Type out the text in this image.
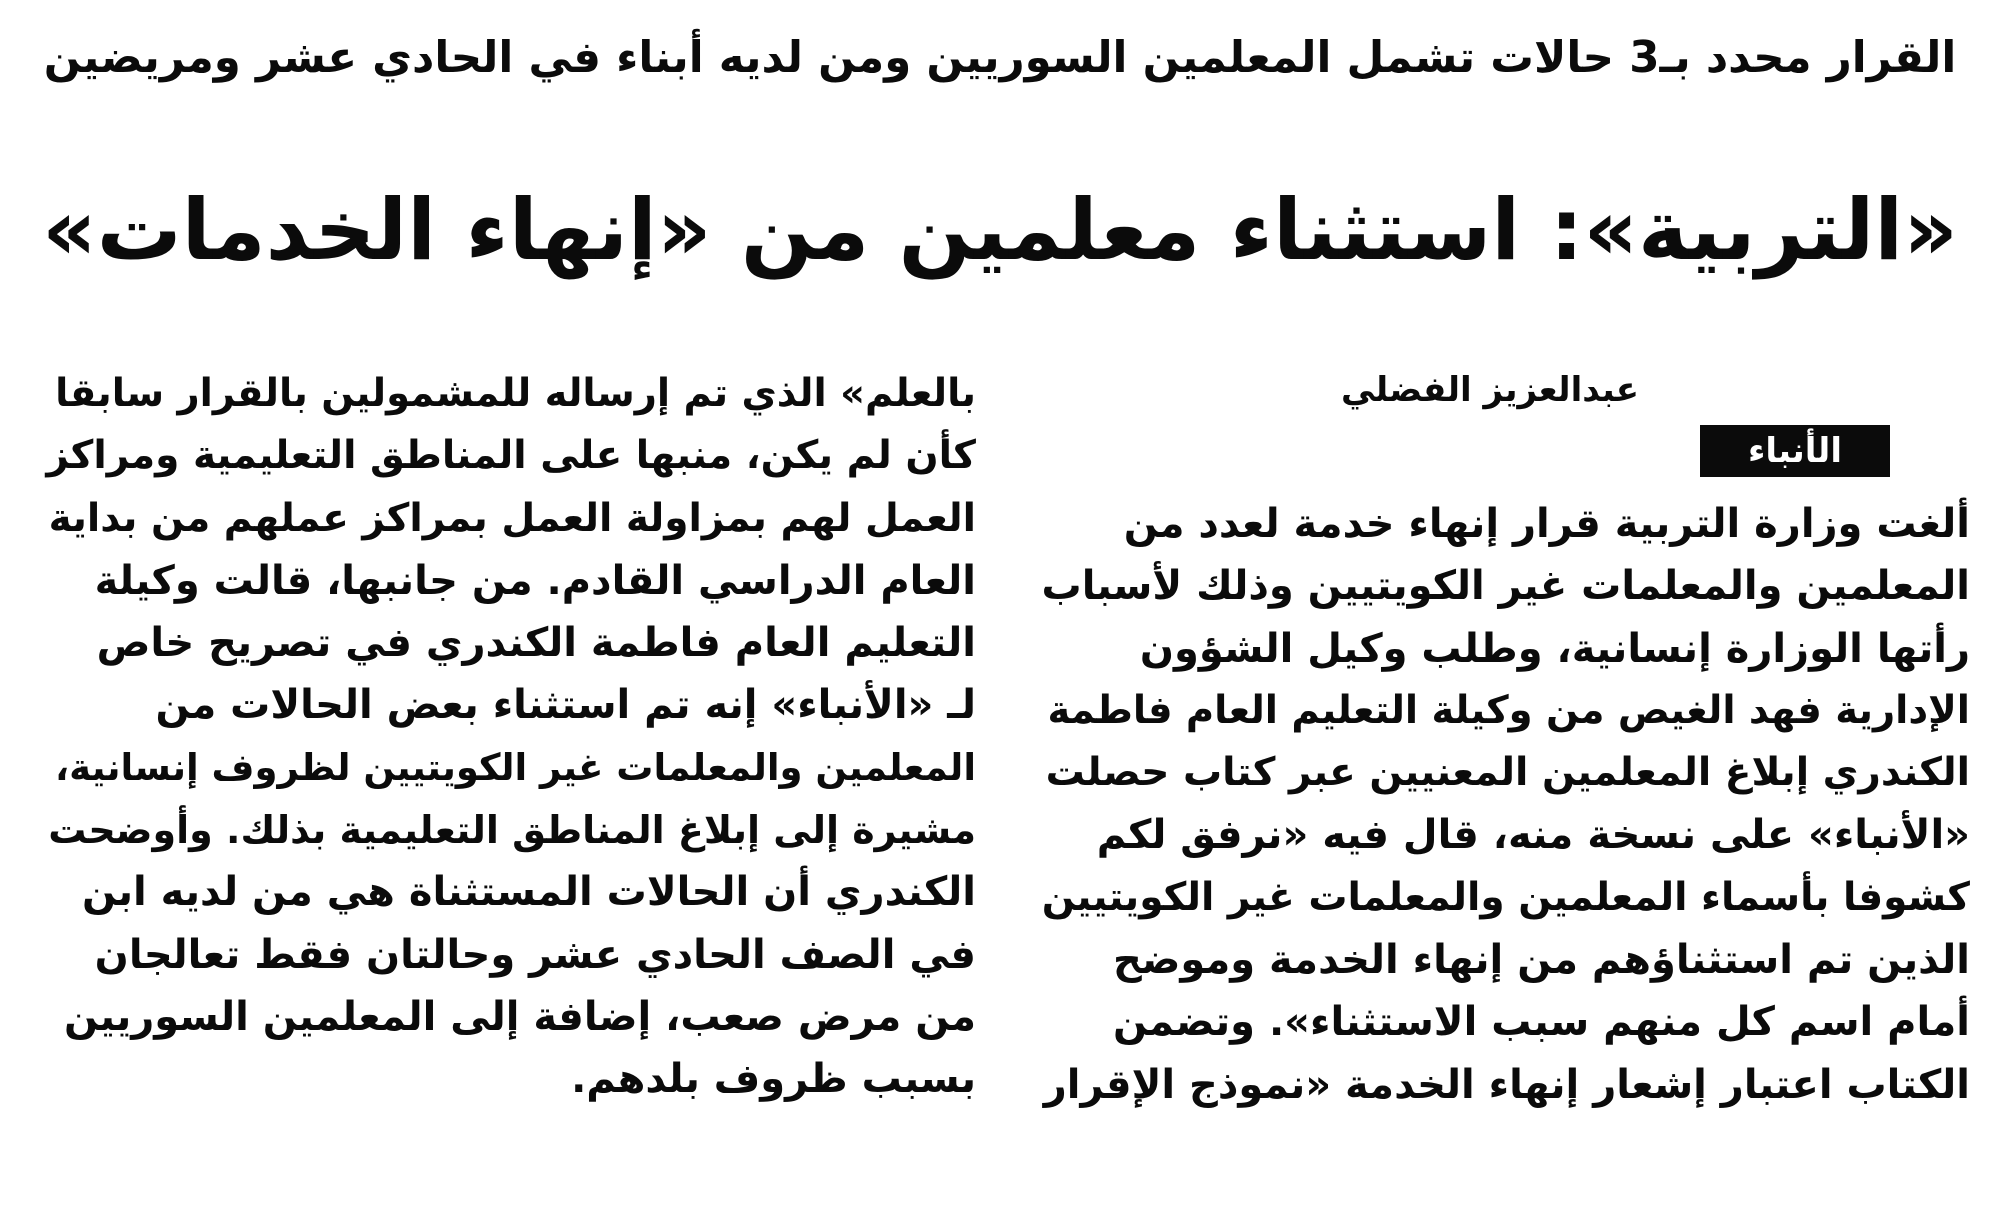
القرار محدد بـ3 حالات تشمل المعلمين السوريين ومن لديه أبناء في الحادي عشر ومريضين
«التربية»: استثناء معلمين من «إنهاء الخدمات»
عبدالعزيز الفضلي
الأنباء
ألغت وزارة التربية قرار إنهاء خدمة لعدد من
المعلمين والمعلمات غير الكويتيين وذلك لأسباب
رأتها الوزارة إنسانية، وطلب وكيل الشؤون
الإدارية فهد الغيص من وكيلة التعليم العام فاطمة
الكندري إبلاغ المعلمين المعنيين عبر كتاب حصلت
«الأنباء» على نسخة منه، قال فيه «نرفق لكم
كشوفا بأسماء المعلمين والمعلمات غير الكويتيين
الذين تم استثناؤهم من إنهاء الخدمة وموضح
أمام اسم كل منهم سبب الاستثناء». وتضمن
الكتاب اعتبار إشعار إنهاء الخدمة «نموذج الإقرار
بالعلم» الذي تم إرساله للمشمولين بالقرار سابقا
كأن لم يكن، منبها على المناطق التعليمية ومراكز
العمل لهم بمزاولة العمل بمراكز عملهم من بداية
العام الدراسي القادم. من جانبها، قالت وكيلة
التعليم العام فاطمة الكندري في تصريح خاص
لـ «الأنباء» إنه تم استثناء بعض الحالات من
المعلمين والمعلمات غير الكويتيين لظروف إنسانية،
مشيرة إلى إبلاغ المناطق التعليمية بذلك. وأوضحت
الكندري أن الحالات المستثناة هي من لديه ابن
في الصف الحادي عشر وحالتان فقط تعالجان
من مرض صعب، إضافة إلى المعلمين السوريين
بسبب ظروف بلدهم.
